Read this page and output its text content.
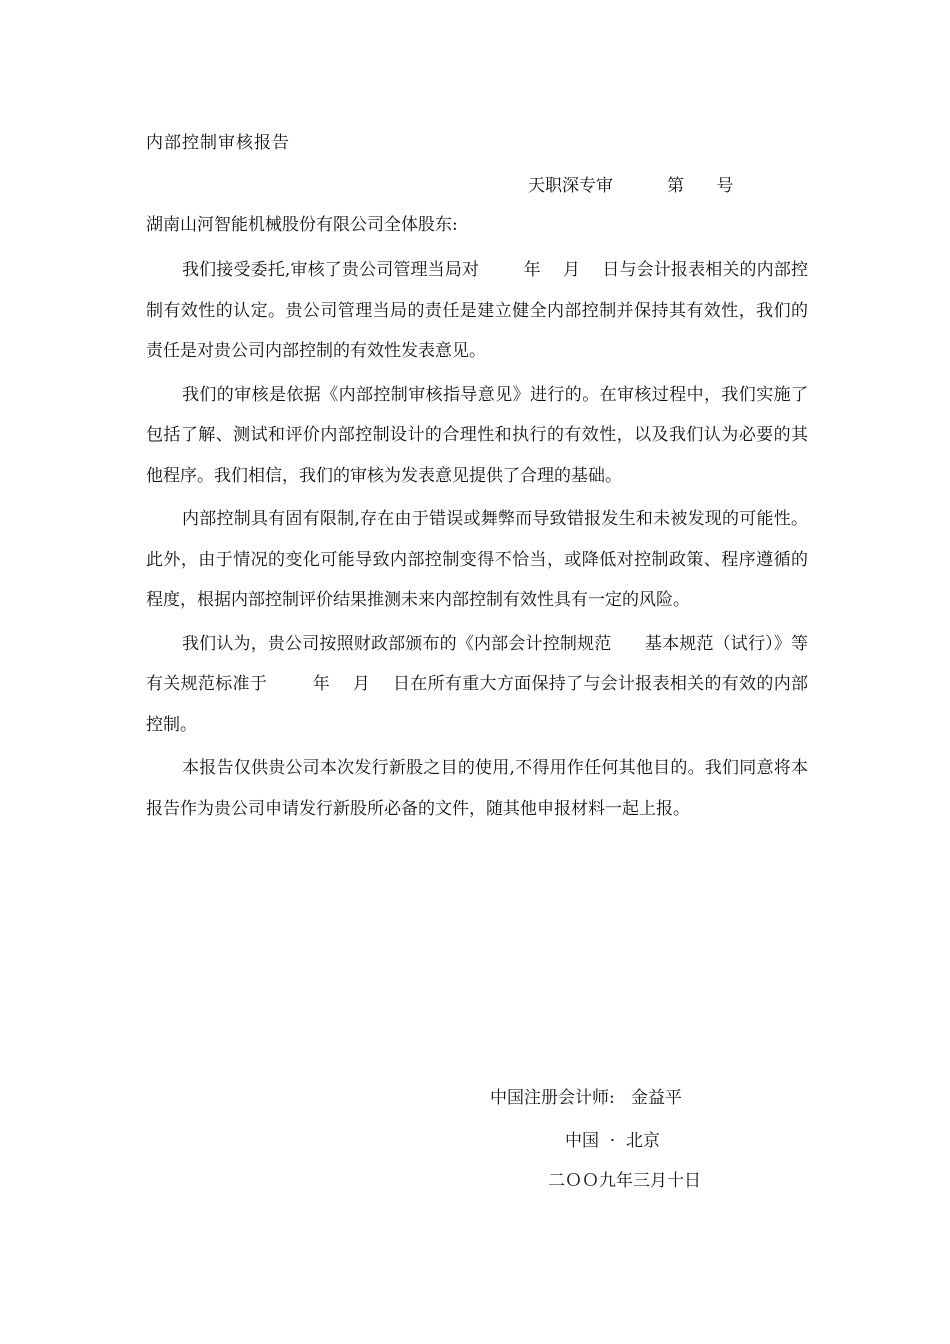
内部控制审核报告
天职深专审          第      号
湖南山河智能机械股份有限公司全体股东:

我们接受委托,审核了贵公司管理当局对        年    月    日与会计报表相关的内部控制有效性的认定。贵公司管理当局的责任是建立健全内部控制并保持其有效性，我们的责任是对贵公司内部控制的有效性发表意见。

我们的审核是依据《内部控制审核指导意见》进行的。在审核过程中，我们实施了包括了解、测试和评价内部控制设计的合理性和执行的有效性，以及我们认为必要的其他程序。我们相信，我们的审核为发表意见提供了合理的基础。

内部控制具有固有限制,存在由于错误或舞弊而导致错报发生和未被发现的可能性。此外，由于情况的变化可能导致内部控制变得不恰当，或降低对控制政策、程序遵循的程度，根据内部控制评价结果推测未来内部控制有效性具有一定的风险。

我们认为，贵公司按照财政部颁布的《内部会计控制规范      基本规范（试行）》等有关规范标准于        年    月    日在所有重大方面保持了与会计报表相关的有效的内部控制。

本报告仅供贵公司本次发行新股之目的使用,不得用作任何其他目的。我们同意将本报告作为贵公司申请发行新股所必备的文件，随其他申报材料一起上报。

中国注册会计师:   金益平
中国  ·  北京
二ＯＯ九年三月十日
